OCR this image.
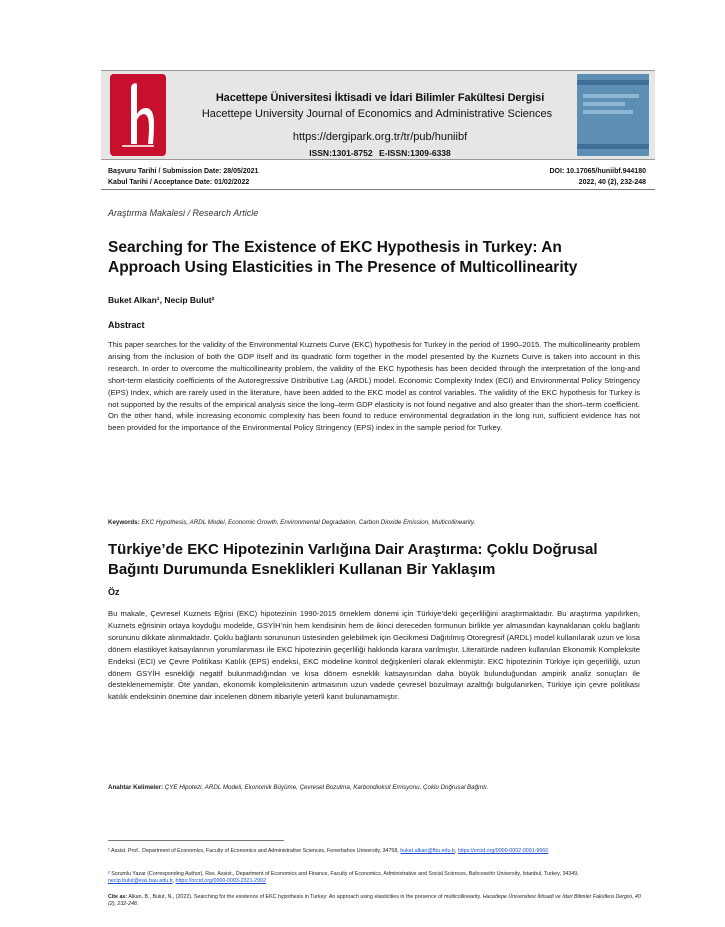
Hacettepe Üniversitesi İktisadi ve İdari Bilimler Fakültesi Dergisi
Hacettepe University Journal of Economics and Administrative Sciences
https://dergipark.org.tr/tr/pub/huniibf
ISSN:1301-8752 E-ISSN:1309-6338
Başvuru Tarihi / Submission Date: 28/05/2021
Kabul Tarihi / Acceptance Date: 01/02/2022
DOI: 10.17065/huniibf.944180
2022, 40 (2), 232-248
Araştırma Makalesi / Research Article
Searching for The Existence of EKC Hypothesis in Turkey: An Approach Using Elasticities in The Presence of Multicollinearity
Buket Alkan¹, Necip Bulut²
Abstract
This paper searches for the validity of the Environmental Kuznets Curve (EKC) hypothesis for Turkey in the period of 1990–2015. The multicollinearity problem arising from the inclusion of both the GDP itself and its quadratic form together in the model presented by the Kuznets Curve is taken into account in this research. In order to overcome the multicollinearity problem, the validity of the EKC hypothesis has been decided through the interpretation of the long-and short-term elasticity coefficients of the Autoregressive Distributive Lag (ARDL) model. Economic Complexity Index (ECI) and Environmental Policy Stringency (EPS) Index, which are rarely used in the literature, have been added to the EKC model as control variables. The validity of the EKC hypothesis for Turkey is not supported by the results of the empirical analysis since the long–term GDP elasticity is not found negative and also greater than the short–term coefficient. On the other hand, while increasing economic complexity has been found to reduce environmental degradation in the long run, sufficient evidence has not been provided for the importance of the Environmental Policy Stringency (EPS) index in the sample period for Turkey.
Keywords: EKC Hypothesis, ARDL Model, Economic Growth, Environmental Degradation, Carbon Dioxide Emission, Multicollinearity.
Türkiye’de EKC Hipotezinin Varlığına Dair Araştırma: Çoklu Doğrusal Bağıntı Durumunda Esneklikleri Kullanan Bir Yaklaşım
Öz
Bu makale, Çevresel Kuznets Eğrisi (EKC) hipotezinin 1990-2015 örneklem dönemi için Türkiye’deki geçerliliğini araştırmaktadır. Bu araştırma yapılırken, Kuznets eğrisinin ortaya koyduğu modelde, GSYİH’nin hem kendisinin hem de ikinci dereceden formunun birlikte yer almasından kaynaklanan çoklu bağlantı sorununu dikkate alınmaktadır. Çoklu bağlantı sorununun üstesinden gelebilmek için Gecikmesi Dağıtılmış Otoregresif (ARDL) model kullanılarak uzun ve kısa dönem elastikiyet katsayılarının yorumlanması ile EKC hipotezinin geçerliliği hakkında karara varılmıştır. Literatürde nadiren kullanılan Ekonomik Kompleksite Endeksi (ECI) ve Çevre Politikası Katılık (EPS) endeksi, EKC modeline kontrol değişkenleri olarak eklenmiştir. EKC hipotezinin Türkiye için geçerliliği, uzun dönem GSYİH esnekliği negatif bulunmadığından ve kısa dönem esneklik katsayısından daha büyük bulunduğundan ampirik analiz sonuçları ile desteklenememiştir. Öte yandan, ekonomik kompleksitenin artmasının uzun vadede çevresel bozulmayı azalttığı bulgulanırken, Türkiye için çevre politikası katılık endeksinin önemine dair incelenen dönem itibariyle yeterli kanıt bulunamamıştır.
Anahtar Kelimeler: ÇYE Hipotezi, ARDL Modeli, Ekonomik Büyüme, Çevresel Bozulma, Karbondioksit Emisyonu, Çoklu Doğrusal Bağıntı.
¹ Assist. Prof., Department of Economics, Faculty of Economics and Administrative Sciences, Fenerbahce University, 34758, buket.alkan@fbu.edu.tr, https://orcid.org/0000-0002-0091-9666
² Sorumlu Yazar (Corresponding Author), Res. Assist., Department of Economics and Finance, Faculty of Economics, Administrative and Social Sciences, Bahcesehir University, Istanbul, Turkey, 34349, necip.bulut@eas.bau.edu.tr, https://orcid.org/0000-0003-2321-2992
Cite as: Alkan, B., Bulut, N., (2022). Searching for the existence of EKC hypothesis in Turkey: An approach using elasticities in the presence of multicollinearity. Hacettepe Üniversitesi İktisadi ve İdari Bilimler Fakültesi Dergisi, 40 (2), 232-248.
